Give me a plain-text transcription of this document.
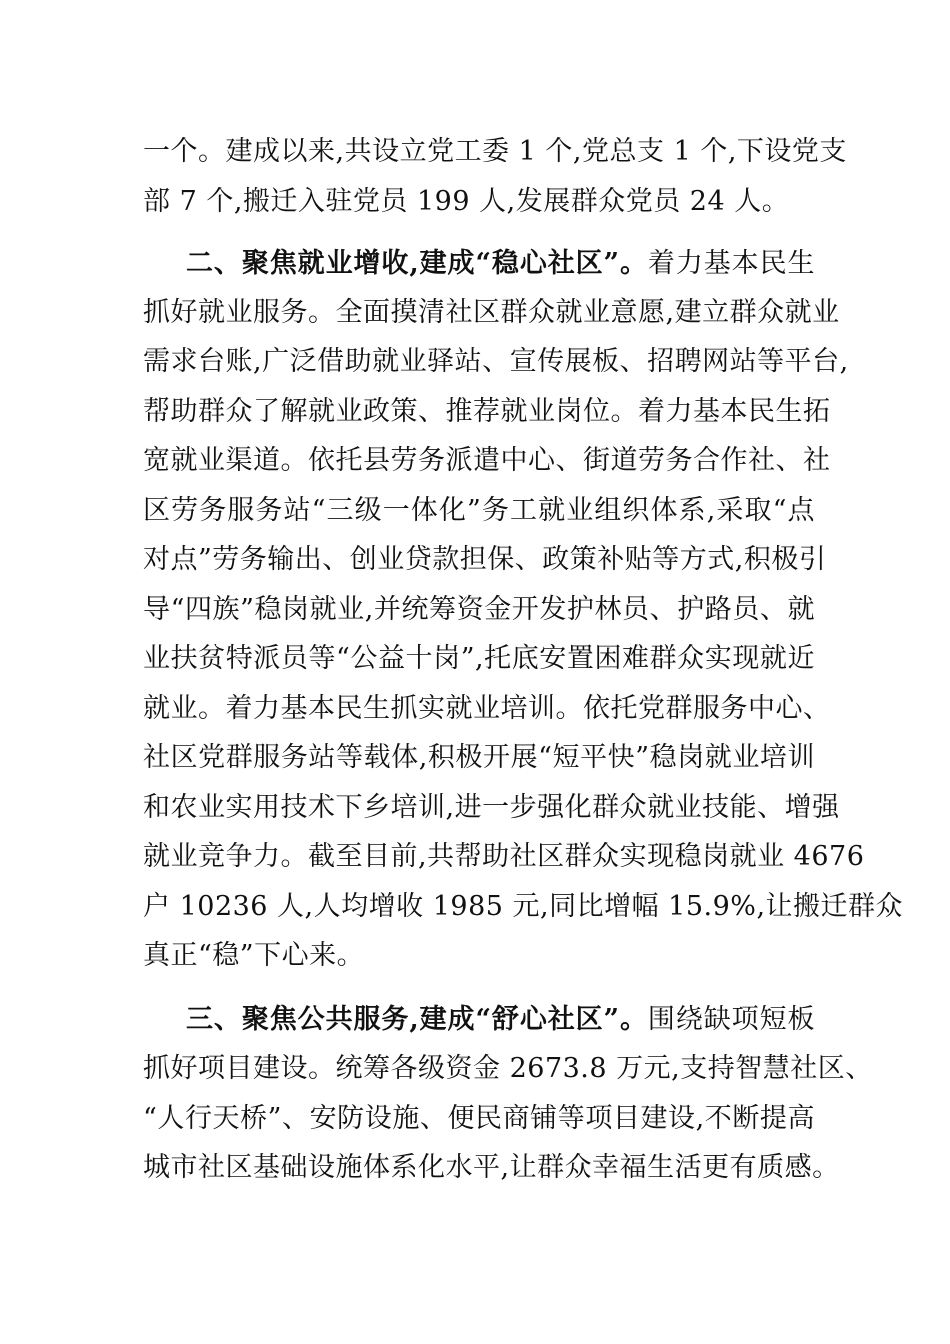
一个。建成以来,共设立党工委 1 个,党总支 1 个,下设党支
部 7 个,搬迁入驻党员 199 人,发展群众党员 24 人。
二、聚焦就业增收,建成“稳心社区”。着力基本民生
抓好就业服务。全面摸清社区群众就业意愿,建立群众就业
需求台账,广泛借助就业驿站、宣传展板、招聘网站等平台,
帮助群众了解就业政策、推荐就业岗位。着力基本民生拓
宽就业渠道。依托县劳务派遣中心、街道劳务合作社、社
区劳务服务站“三级一体化”务工就业组织体系,采取“点
对点”劳务输出、创业贷款担保、政策补贴等方式,积极引
导“四族”稳岗就业,并统筹资金开发护林员、护路员、就
业扶贫特派员等“公益十岗”,托底安置困难群众实现就近
就业。着力基本民生抓实就业培训。依托党群服务中心、
社区党群服务站等载体,积极开展“短平快”稳岗就业培训
和农业实用技术下乡培训,进一步强化群众就业技能、增强
就业竞争力。截至目前,共帮助社区群众实现稳岗就业 4676
户 10236 人,人均增收 1985 元,同比增幅 15.9%,让搬迁群众
真正“稳”下心来。
三、聚焦公共服务,建成“舒心社区”。围绕缺项短板
抓好项目建设。统筹各级资金 2673.8 万元,支持智慧社区、
“人行天桥”、安防设施、便民商铺等项目建设,不断提高
城市社区基础设施体系化水平,让群众幸福生活更有质感。
